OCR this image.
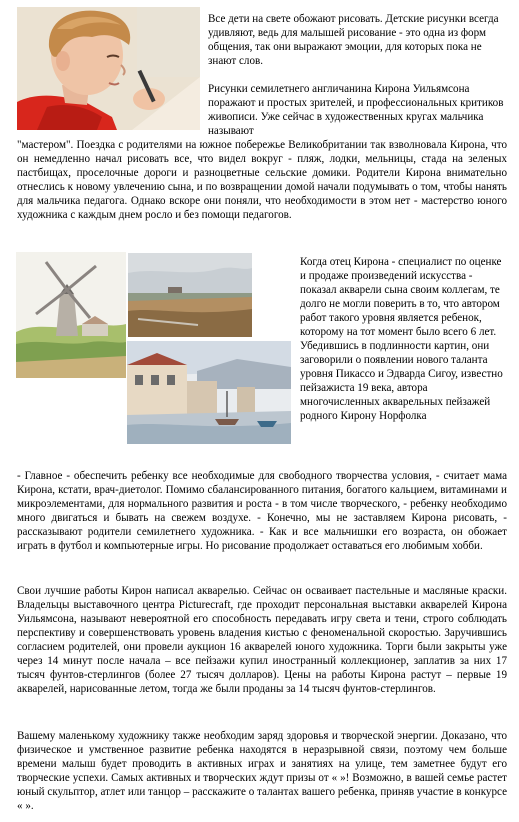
Все дети на свете обожают рисовать. Детские рисунки всегда удивляют, ведь для малышей рисование - это одна из форм общения, так они выражают эмоции, для которых пока не знают слов.

Рисунки семилетнего англичанина Кирона Уильямсона поражают и простых зрителей, и профессиональных критиков живописи. Уже сейчас в художественных кругах мальчика называют

"мастером". Поездка с родителями на южное побережье Великобритании так взволновала Кирона, что он немедленно начал рисовать все, что видел вокруг - пляж, лодки, мельницы, стада на зеленых пастбищах, проселочные дороги и разноцветные сельские домики. Родители Кирона внимательно отнеслись к новому увлечению сына, и по возвращении домой начали подумывать о том, чтобы нанять для мальчика педагога. Однако вскоре они поняли, что необходимости в этом нет - мастерство юного художника с каждым днем росло и без помощи педагогов.

Когда отец Кирона - специалист по оценке и продаже произведений искусства - показал акварели сына своим коллегам, те долго не могли поверить в то, что автором работ такого уровня является ребенок, которому на тот момент было всего 6 лет. Убедившись в подлинности картин, они заговорили о появлении нового таланта уровня Пикассо и Эдварда Сигоу, известно пейзажиста 19 века, автора многочисленных акварельных пейзажей родного Кирону Норфолка

- Главное - обеспечить ребенку все необходимые для свободного творчества условия, - считает мама Кирона, кстати, врач-диетолог. Помимо сбалансированного питания, богатого кальцием, витаминами и микроэлементами, для нормального развития и роста - в том числе творческого, - ребенку необходимо много двигаться и бывать на свежем воздухе. - Конечно, мы не заставляем Кирона рисовать, - рассказывают родители семилетнего художника. - Как и все мальчишки его возраста, он обожает играть в футбол и компьютерные игры. Но рисование продолжает оставаться его любимым хобби.

Свои лучшие работы Кирон написал акварелью. Сейчас он осваивает пастельные и масляные краски. Владельцы выставочного центра Picturecraft, где проходит персональная выставки акварелей Кирона Уильямсона, называют невероятной его способность передавать игру света и тени, строго соблюдать перспективу и совершенствовать уровень владения кистью с феноменальной скоростью. Заручившись согласием родителей, они провели аукцион 16 акварелей юного художника. Торги были закрыты уже через 14 минут после начала – все пейзажи купил иностранный коллекционер, заплатив за них 17 тысяч фунтов-стерлингов (более 27 тысяч долларов). Цены на работы Кирона растут – первые 19 акварелей, нарисованные летом, тогда же были проданы за 14 тысяч фунтов-стерлингов.

Вашему маленькому художнику также необходим заряд здоровья и творческой энергии. Доказано, что физическое и умственное развитие ребенка находятся в неразрывной связи, поэтому чем больше времени малыш будет проводить в активных играх и занятиях на улице, тем заметнее будут его творческие успехи. Самых активных и творческих ждут призы от « »! Возможно, в вашей семье растет юный скульптор, атлет или танцор – расскажите о талантах вашего ребенка, приняв участие в конкурсе « ».
